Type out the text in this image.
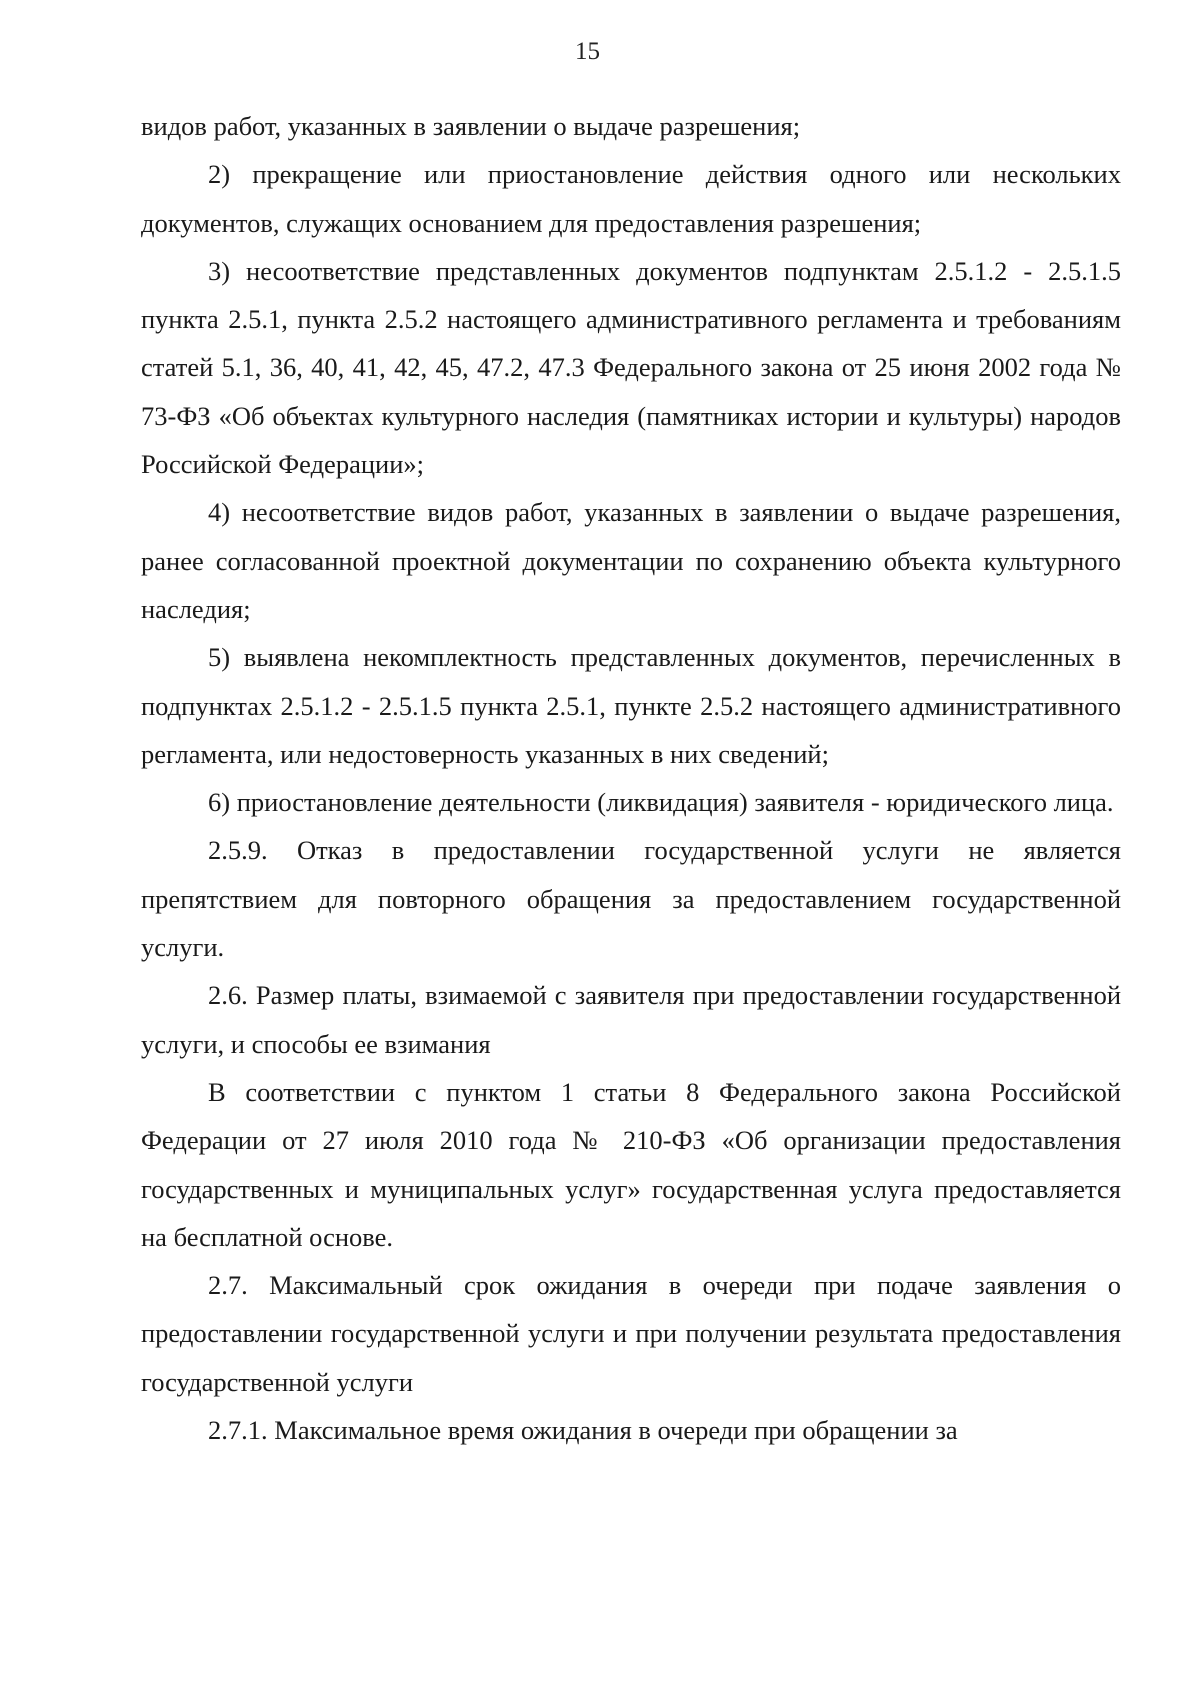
15

видов работ, указанных в заявлении о выдаче разрешения;

2) прекращение или приостановление действия одного или нескольких документов, служащих основанием для предоставления разрешения;

3) несоответствие представленных документов подпунктам 2.5.1.2 - 2.5.1.5 пункта 2.5.1, пункта 2.5.2 настоящего административного регламента и требованиям статей 5.1, 36, 40, 41, 42, 45, 47.2, 47.3 Федерального закона от 25 июня 2002 года № 73-ФЗ «Об объектах культурного наследия (памятниках истории и культуры) народов Российской Федерации»;

4) несоответствие видов работ, указанных в заявлении о выдаче разрешения, ранее согласованной проектной документации по сохранению объекта культурного наследия;

5) выявлена некомплектность представленных документов, перечисленных в подпунктах 2.5.1.2 - 2.5.1.5 пункта 2.5.1, пункте 2.5.2 настоящего административного регламента, или недостоверность указанных в них сведений;

6) приостановление деятельности (ликвидация) заявителя - юридического лица.

2.5.9. Отказ в предоставлении государственной услуги не является препятствием для повторного обращения за предоставлением государственной услуги.

2.6. Размер платы, взимаемой с заявителя при предоставлении государственной услуги, и способы ее взимания

В соответствии с пунктом 1 статьи 8 Федерального закона Российской Федерации от 27 июля 2010 года № 210-ФЗ «Об организации предоставления государственных и муниципальных услуг» государственная услуга предоставляется на бесплатной основе.

2.7. Максимальный срок ожидания в очереди при подаче заявления о предоставлении государственной услуги и при получении результата предоставления государственной услуги

2.7.1. Максимальное время ожидания в очереди при обращении за
